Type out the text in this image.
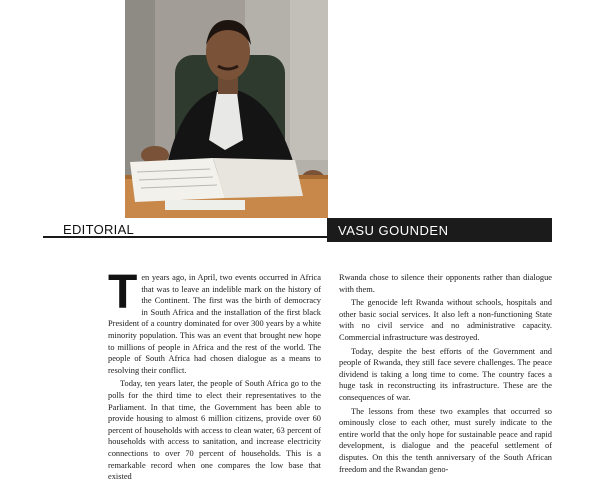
EDITORIAL	VASU GOUNDEN

Ten years ago, in April, two events occurred in Africa that was to leave an indelible mark on the history of the Continent. The first was the birth of democracy in South Africa and the installation of the first black President of a country dominated for over 300 years by a white minority population. This was an event that brought new hope to millions of people in Africa and the rest of the world. The people of South Africa had chosen dialogue as a means to resolving their conflict.

Today, ten years later, the people of South Africa go to the polls for the third time to elect their representatives to the Parliament. In that time, the Government has been able to provide housing to almost 6 million citizens, provide over 60 percent of households with access to clean water, 63 percent of households with access to sanitation, and increase electricity connections to over 70 percent of households. This is a remarkable record when one compares the low base that existed

Rwanda chose to silence their opponents rather than dialogue with them.

The genocide left Rwanda without schools, hospitals and other basic social services. It also left a non-functioning State with no civil service and no administrative capacity. Commercial infrastructure was destroyed.

Today, despite the best efforts of the Government and people of Rwanda, they still face severe challenges. The peace dividend is taking a long time to come. The country faces a huge task in reconstructing its infrastructure. These are the consequences of war.

The lessons from these two examples that occurred so ominously close to each other, must surely indicate to the entire world that the only hope for sustainable peace and rapid development, is dialogue and the peaceful settlement of disputes. On this the tenth anniversary of the South African freedom and the Rwandan geno-
